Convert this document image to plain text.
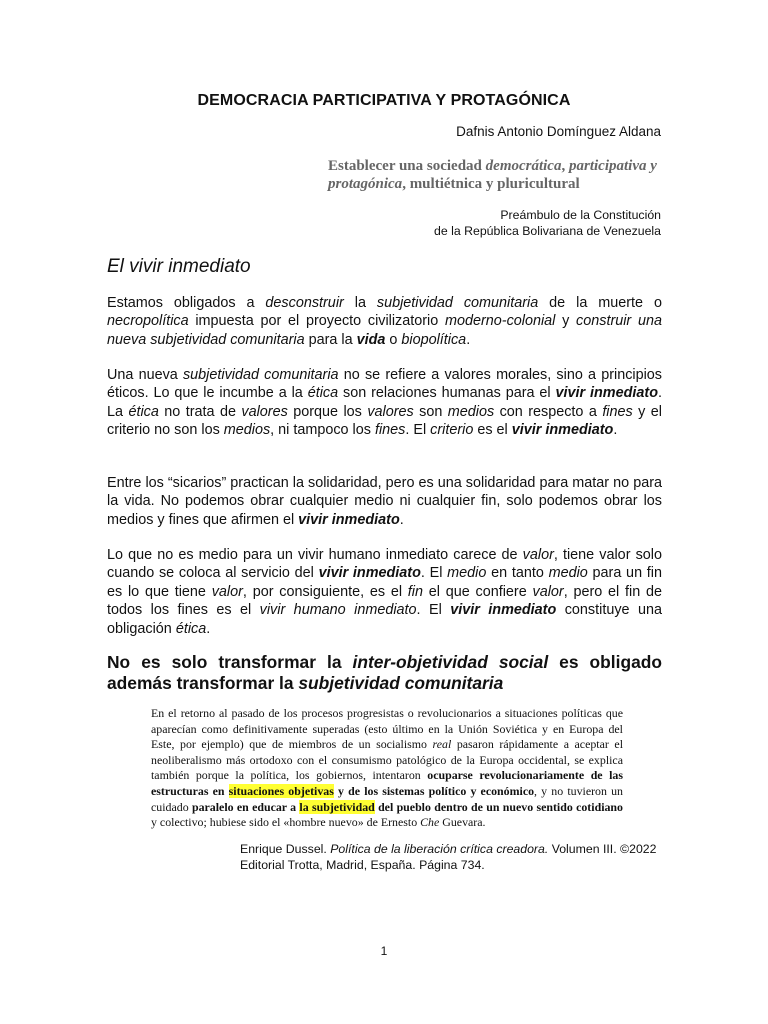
DEMOCRACIA PARTICIPATIVA Y PROTAGÓNICA
Dafnis Antonio Domínguez Aldana
Establecer una sociedad democrática, participativa y protagónica, multiétnica y pluricultural
Preámbulo de la Constitución
de la República Bolivariana de Venezuela
El vivir inmediato
Estamos obligados a desconstruir la subjetividad comunitaria de la muerte o necropolítica impuesta por el proyecto civilizatorio moderno-colonial y construir una nueva subjetividad comunitaria para la vida o biopolítica.
Una nueva subjetividad comunitaria no se refiere a valores morales, sino a principios éticos. Lo que le incumbe a la ética son relaciones humanas para el vivir inmediato. La ética no trata de valores porque los valores son medios con respecto a fines y el criterio no son los medios, ni tampoco los fines. El criterio es el vivir inmediato.
Entre los “sicarios” practican la solidaridad, pero es una solidaridad para matar no para la vida. No podemos obrar cualquier medio ni cualquier fin, solo podemos obrar los medios y fines que afirmen el vivir inmediato.
Lo que no es medio para un vivir humano inmediato carece de valor, tiene valor solo cuando se coloca al servicio del vivir inmediato. El medio en tanto medio para un fin es lo que tiene valor, por consiguiente, es el fin el que confiere valor, pero el fin de todos los fines es el vivir humano inmediato. El vivir inmediato constituye una obligación ética.
No es solo transformar la inter-objetividad social es obligado además transformar la subjetividad comunitaria
En el retorno al pasado de los procesos progresistas o revolucionarios a situaciones políticas que aparecían como definitivamente superadas (esto último en la Unión Soviética y en Europa del Este, por ejemplo) que de miembros de un socialismo real pasaron rápidamente a aceptar el neoliberalismo más ortodoxo con el consumismo patológico de la Europa occidental, se explica también porque la política, los gobiernos, intentaron ocuparse revolucionariamente de las estructuras en situaciones objetivas y de los sistemas político y económico, y no tuvieron un cuidado paralelo en educar a la subjetividad del pueblo dentro de un nuevo sentido cotidiano y colectivo; hubiese sido el «hombre nuevo» de Ernesto Che Guevara.
Enrique Dussel. Política de la liberación crítica creadora. Volumen III. ©2022 Editorial Trotta, Madrid, España. Página 734.
1
